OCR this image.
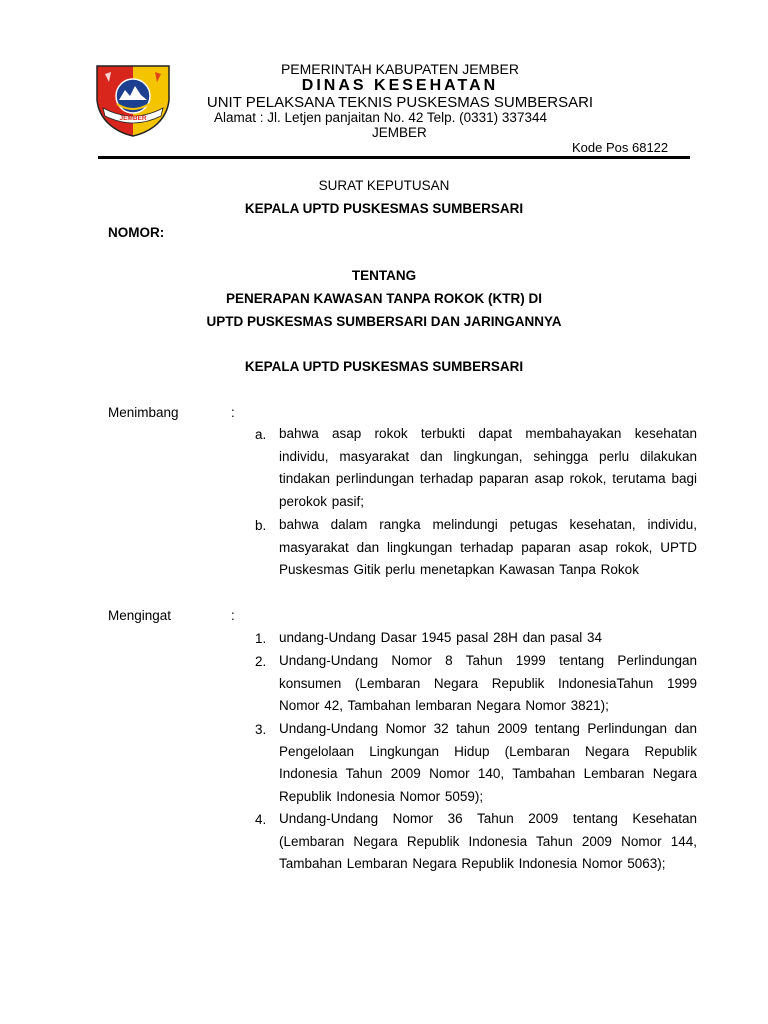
JEMBER
PEMERINTAH KABUPATEN JEMBER
DINAS KESEHATAN
UNIT PELAKSANA TEKNIS PUSKESMAS SUMBERSARI
Alamat : Jl. Letjen panjaitan No. 42 Telp. (0331) 337344
JEMBER
Kode Pos 68122
SURAT KEPUTUSAN
KEPALA UPTD PUSKESMAS SUMBERSARI
NOMOR:
TENTANG
PENERAPAN KAWASAN TANPA ROKOK (KTR) DI
UPTD PUSKESMAS SUMBERSARI DAN JARINGANNYA
KEPALA UPTD PUSKESMAS SUMBERSARI
Menimbang	:
a. bahwa asap rokok terbukti dapat membahayakan kesehatan individu, masyarakat dan lingkungan, sehingga perlu dilakukan tindakan perlindungan terhadap paparan asap rokok, terutama bagi perokok pasif;
b. bahwa dalam rangka melindungi petugas kesehatan, individu, masyarakat dan lingkungan terhadap paparan asap rokok, UPTD Puskesmas Gitik perlu menetapkan Kawasan Tanpa Rokok
Mengingat	:
1. undang-Undang Dasar 1945 pasal 28H dan pasal 34
2. Undang-Undang Nomor 8 Tahun 1999 tentang Perlindungan konsumen (Lembaran Negara Republik IndonesiaTahun 1999 Nomor 42, Tambahan lembaran Negara Nomor 3821);
3. Undang-Undang Nomor 32 tahun 2009 tentang Perlindungan dan Pengelolaan Lingkungan Hidup (Lembaran Negara Republik Indonesia Tahun 2009 Nomor 140, Tambahan Lembaran Negara Republik Indonesia Nomor 5059);
4. Undang-Undang Nomor 36 Tahun 2009 tentang Kesehatan (Lembaran Negara Republik Indonesia Tahun 2009 Nomor 144, Tambahan Lembaran Negara Republik Indonesia Nomor 5063);
